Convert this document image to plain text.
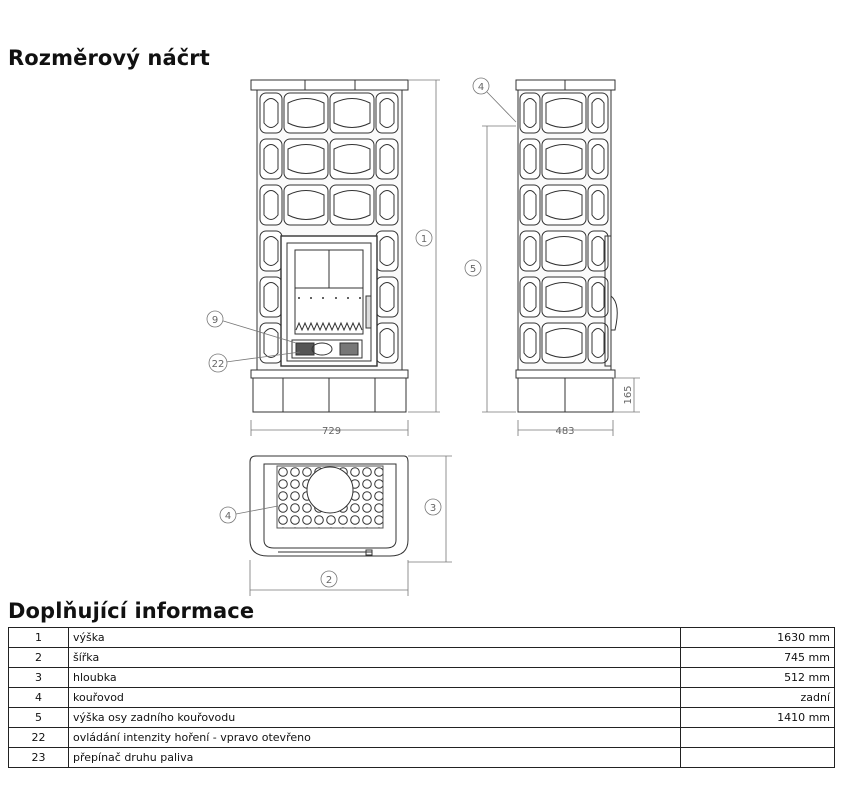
Rozměrový náčrt
729
1
9
22
483
165
4
5
2
3
4
Doplňující informace
1	výška	1630 mm
2	šířka	745 mm
3	hloubka	512 mm
4	kouřovod	zadní
5	výška osy zadního kouřovodu	1410 mm
22	ovládání intenzity hoření - vpravo otevřeno	
23	přepínač druhu paliva	
